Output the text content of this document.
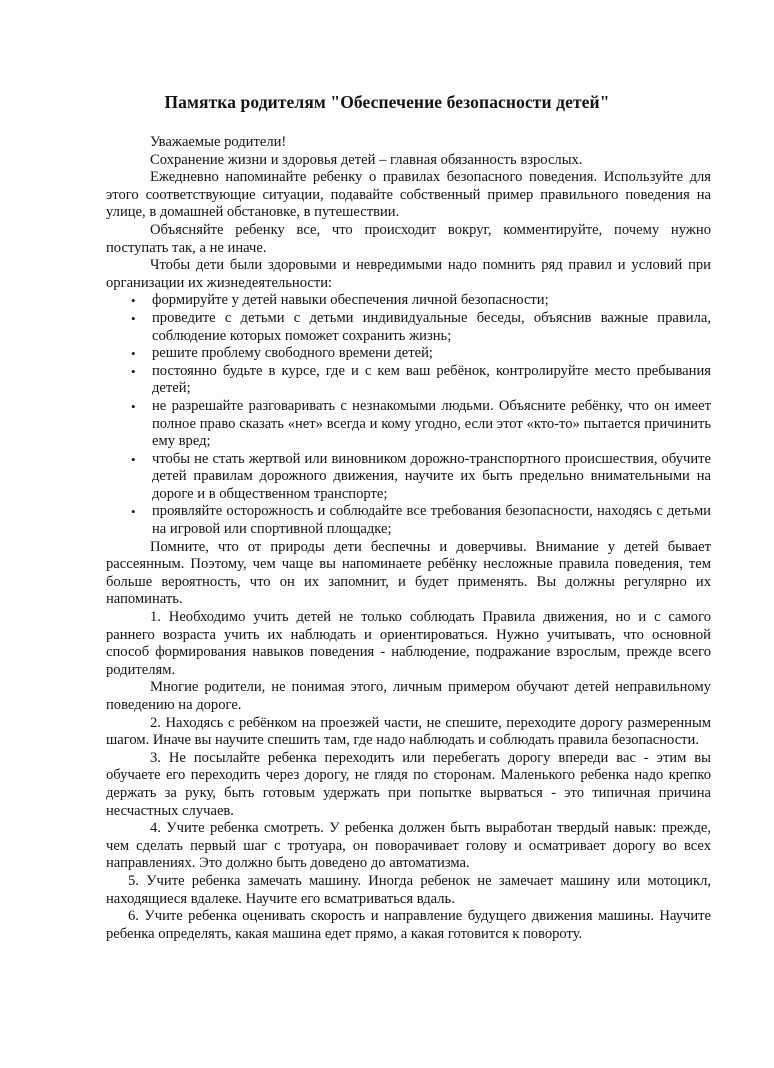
Памятка родителям "Обеспечение безопасности детей"

Уважаемые родители!

Сохранение жизни и здоровья детей – главная обязанность взрослых.

Ежедневно напоминайте ребенку о правилах безопасного поведения. Используйте для этого соответствующие ситуации, подавайте собственный пример правильного поведения на улице, в домашней обстановке, в путешествии.

Объясняйте ребенку все, что происходит вокруг, комментируйте, почему нужно поступать так, а не иначе.

Чтобы дети были здоровыми и невредимыми надо помнить ряд правил и условий при организации их жизнедеятельности:

• формируйте у детей навыки обеспечения личной безопасности;
• проведите с детьми с детьми индивидуальные беседы, объяснив важные правила, соблюдение которых поможет сохранить жизнь;
• решите проблему свободного времени детей;
• постоянно будьте в курсе, где и с кем ваш ребёнок, контролируйте место пребывания детей;
• не разрешайте разговаривать с незнакомыми людьми. Объясните ребёнку, что он имеет полное право сказать «нет» всегда и кому угодно, если этот «кто-то» пытается причинить ему вред;
• чтобы не стать жертвой или виновником дорожно-транспортного происшествия, обучите детей правилам дорожного движения, научите их быть предельно внимательными на дороге и в общественном транспорте;
• проявляйте осторожность и соблюдайте все требования безопасности, находясь с детьми на игровой или спортивной площадке;

Помните, что от природы дети беспечны и доверчивы. Внимание у детей бывает рассеянным. Поэтому, чем чаще вы напоминаете ребёнку несложные правила поведения, тем больше вероятность, что он их запомнит, и будет применять. Вы должны регулярно их напоминать.

1. Необходимо учить детей не только соблюдать Правила движения, но и с самого раннего возраста учить их наблюдать и ориентироваться. Нужно учитывать, что основной способ формирования навыков поведения - наблюдение, подражание взрослым, прежде всего родителям.

Многие родители, не понимая этого, личным примером обучают детей неправильному поведению на дороге.

2. Находясь с ребёнком на проезжей части, не спешите, переходите дорогу размеренным шагом. Иначе вы научите спешить там, где надо наблюдать и соблюдать правила безопасности.

3. Не посылайте ребенка переходить или перебегать дорогу впереди вас - этим вы обучаете его переходить через дорогу, не глядя по сторонам. Маленького ребенка надо крепко держать за руку, быть готовым удержать при попытке вырваться - это типичная причина несчастных случаев.

4. Учите ребенка смотреть. У ребенка должен быть выработан твердый навык: прежде, чем сделать первый шаг с тротуара, он поворачивает голову и осматривает дорогу во всех направлениях. Это должно быть доведено до автоматизма.

5. Учите ребенка замечать машину. Иногда ребенок не замечает машину или мотоцикл, находящиеся вдалеке. Научите его всматриваться вдаль.

6. Учите ребенка оценивать скорость и направление будущего движения машины. Научите ребенка определять, какая машина едет прямо, а какая готовится к повороту.
